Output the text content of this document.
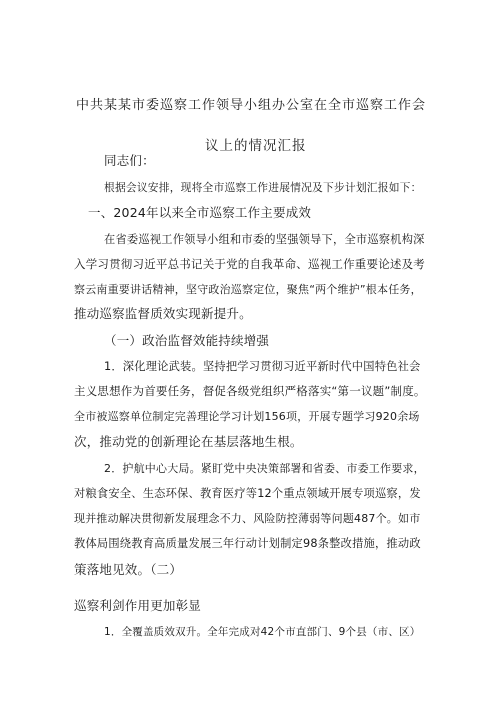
中共某某市委巡察工作领导小组办公室在全市巡察工作会

议上的情况汇报

同志们：

根据会议安排，现将全市巡察工作进展情况及下步计划汇报如下：

一、2024年以来全市巡察工作主要成效

在省委巡视工作领导小组和市委的坚强领导下，全市巡察机构深

入学习贯彻习近平总书记关于党的自我革命、巡视工作重要论述及考

察云南重要讲话精神，坚守政治巡察定位，聚焦“两个维护”根本任务，

推动巡察监督质效实现新提升。

（一）政治监督效能持续增强

1．深化理论武装。坚持把学习贯彻习近平新时代中国特色社会

主义思想作为首要任务，督促各级党组织严格落实“第一议题”制度。

全市被巡察单位制定完善理论学习计划156项，开展专题学习920余场

次，推动党的创新理论在基层落地生根。

2．护航中心大局。紧盯党中央决策部署和省委、市委工作要求，

对粮食安全、生态环保、教育医疗等12个重点领域开展专项巡察，发

现并推动解决贯彻新发展理念不力、风险防控薄弱等问题487个。如市

教体局围绕教育高质量发展三年行动计划制定98条整改措施，推动政

策落地见效。（二）

巡察利剑作用更加彰显

1．全覆盖质效双升。全年完成对42个市直部门、9个县（市、区）
